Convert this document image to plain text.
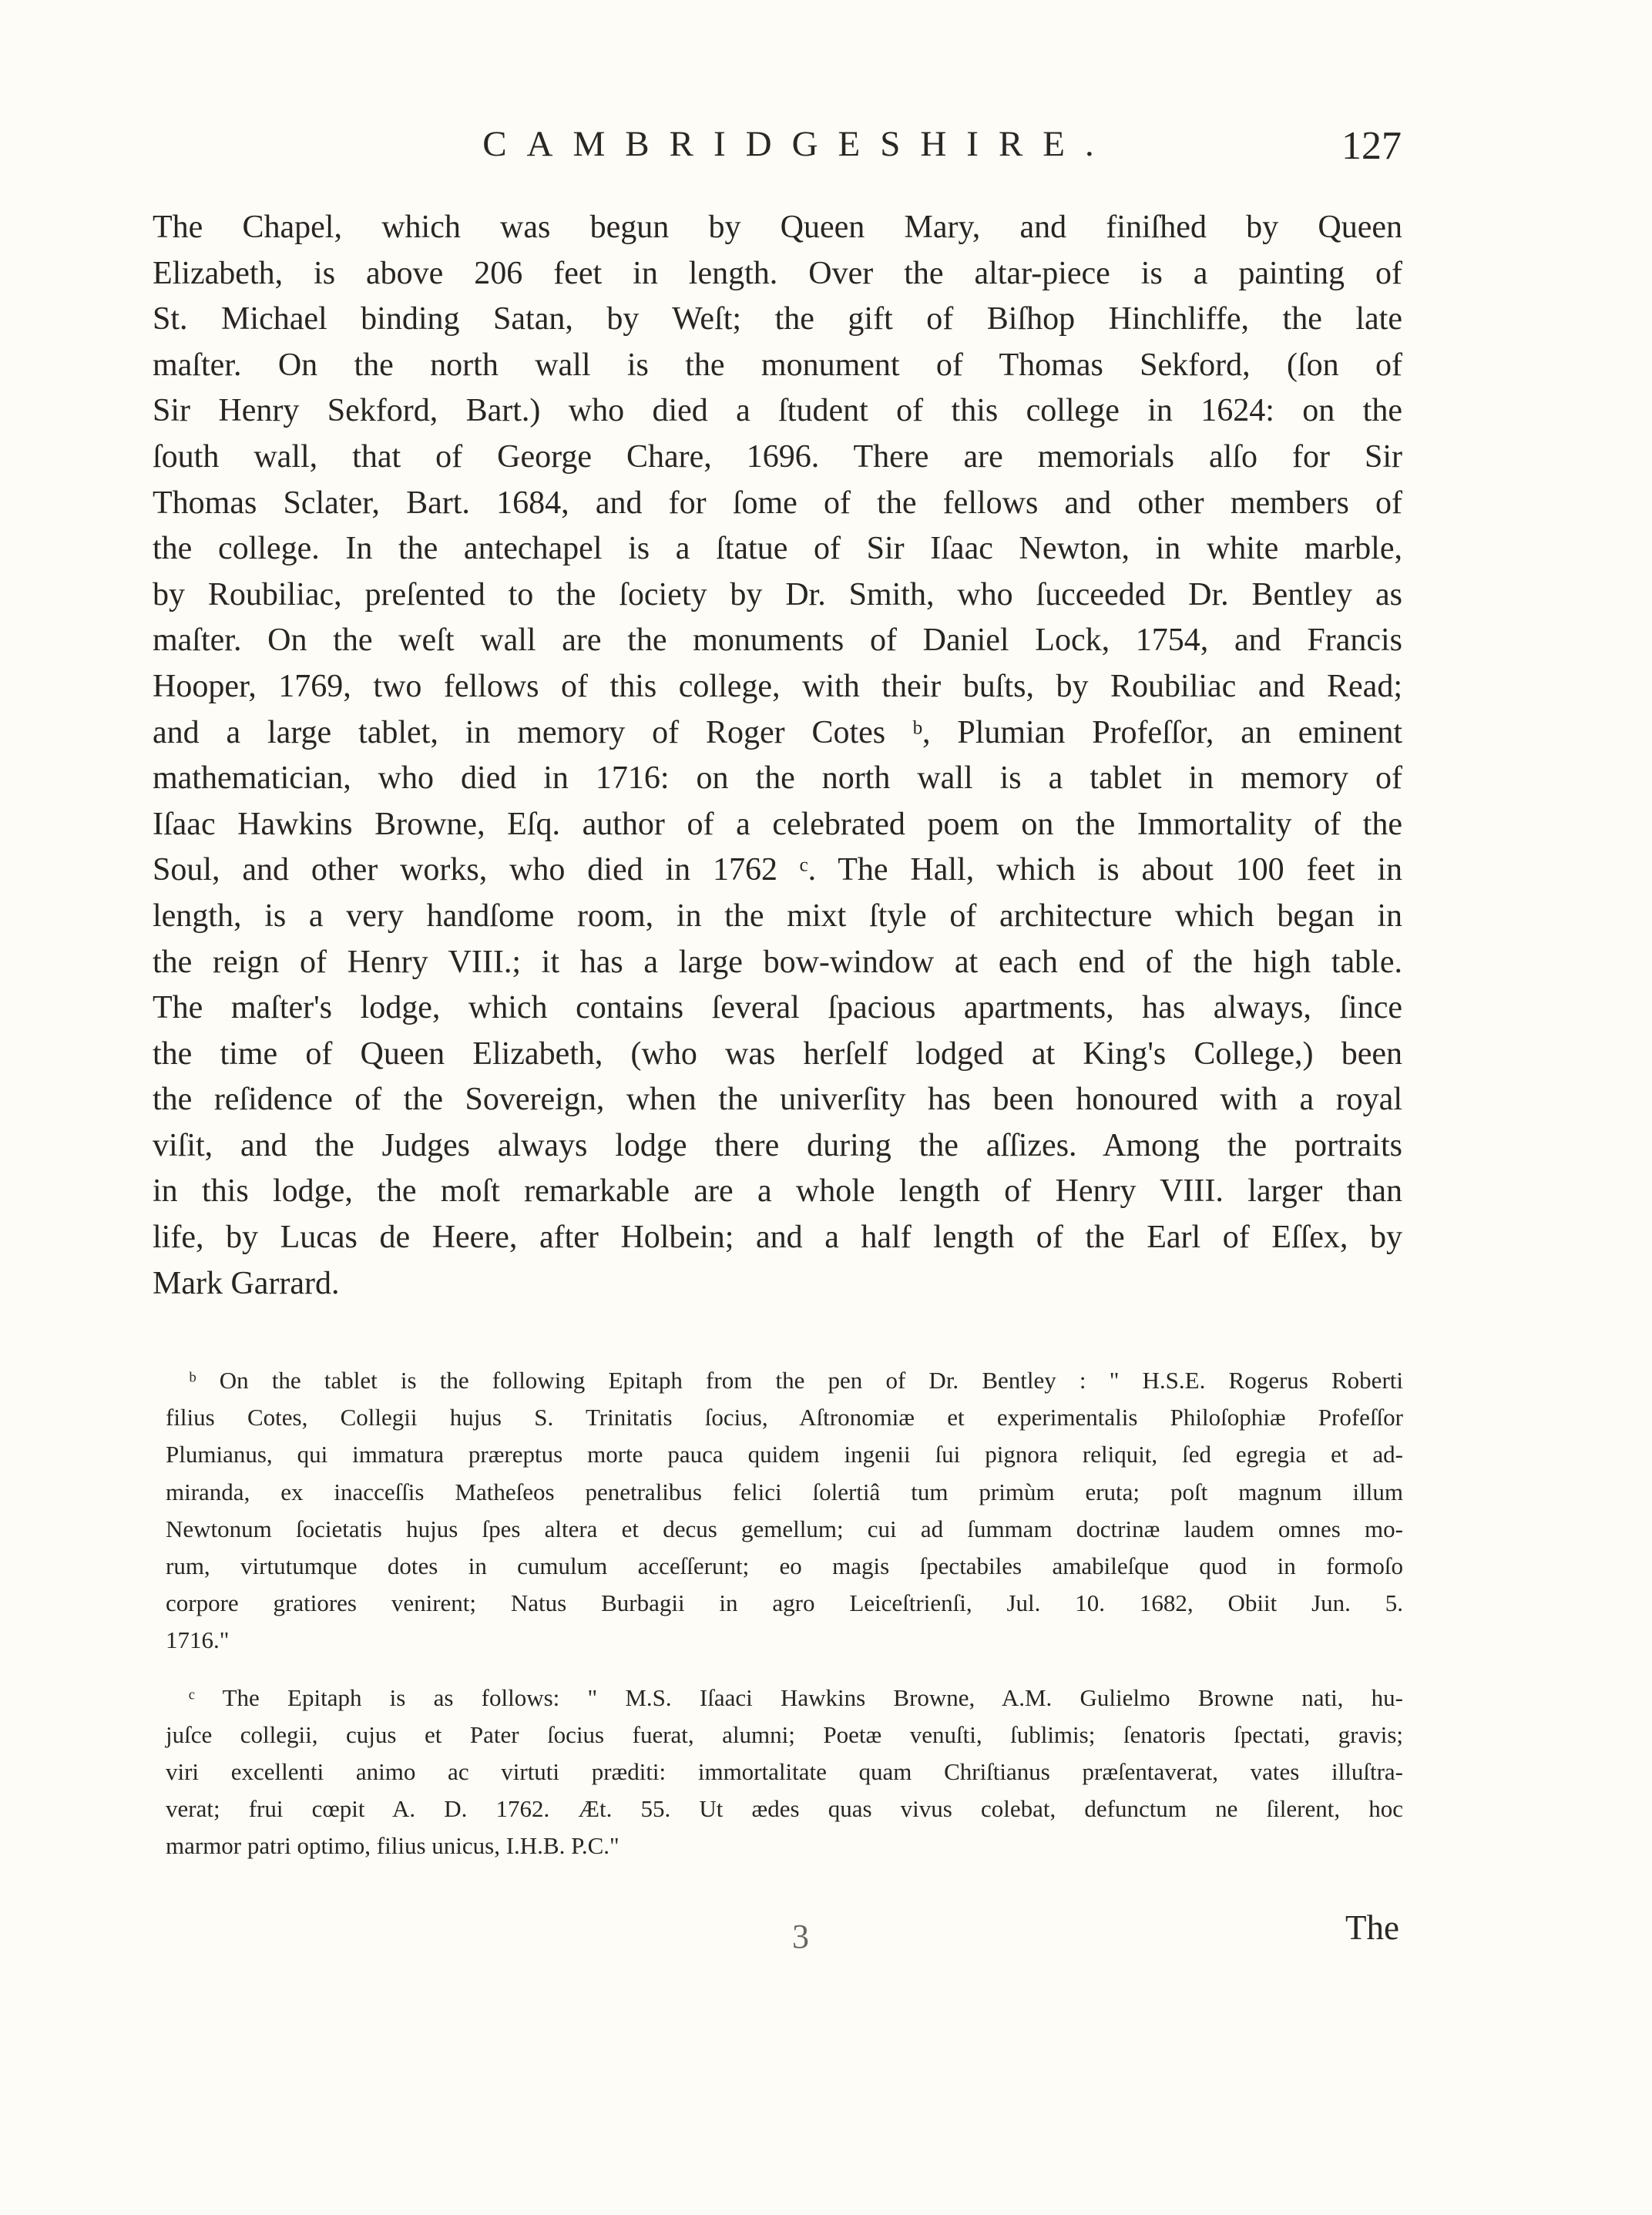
CAMBRIDGESHIRE.	127
The Chapel, which was begun by Queen Mary, and finiſhed by Queen
Elizabeth, is above 206 feet in length. Over the altar-piece is a painting of
St. Michael binding Satan, by Weſt; the gift of Biſhop Hinchliffe, the late
maſter. On the north wall is the monument of Thomas Sekford, (ſon of
Sir Henry Sekford, Bart.) who died a ſtudent of this college in 1624: on the
ſouth wall, that of George Chare, 1696. There are memorials alſo for Sir
Thomas Sclater, Bart. 1684, and for ſome of the fellows and other members of
the college. In the antechapel is a ſtatue of Sir Iſaac Newton, in white marble,
by Roubiliac, preſented to the ſociety by Dr. Smith, who ſucceeded Dr. Bentley as
maſter. On the weſt wall are the monuments of Daniel Lock, 1754, and Francis
Hooper, 1769, two fellows of this college, with their buſts, by Roubiliac and Read;
and a large tablet, in memory of Roger Cotes ᵇ, Plumian Profeſſor, an eminent
mathematician, who died in 1716: on the north wall is a tablet in memory of
Iſaac Hawkins Browne, Eſq. author of a celebrated poem on the Immortality of the
Soul, and other works, who died in 1762 ᶜ. The Hall, which is about 100 feet in
length, is a very handſome room, in the mixt ſtyle of architecture which began in
the reign of Henry VIII.; it has a large bow-window at each end of the high table.
The maſter's lodge, which contains ſeveral ſpacious apartments, has always, ſince
the time of Queen Elizabeth, (who was herſelf lodged at King's College,) been
the reſidence of the Sovereign, when the univerſity has been honoured with a royal
viſit, and the Judges always lodge there during the aſſizes. Among the portraits
in this lodge, the moſt remarkable are a whole length of Henry VIII. larger than
life, by Lucas de Heere, after Holbein; and a half length of the Earl of Eſſex, by
Mark Garrard.
ᵇ On the tablet is the following Epitaph from the pen of Dr. Bentley : " H.S.E. Rogerus Roberti
filius Cotes, Collegii hujus S. Trinitatis ſocius, Aſtronomiæ et experimentalis Philoſophiæ Profeſſor
Plumianus, qui immatura præreptus morte pauca quidem ingenii ſui pignora reliquit, ſed egregia et ad-
miranda, ex inacceſſis Matheſeos penetralibus felici ſolertiâ tum primùm eruta; poſt magnum illum
Newtonum ſocietatis hujus ſpes altera et decus gemellum; cui ad ſummam doctrinæ laudem omnes mo-
rum, virtutumque dotes in cumulum acceſſerunt; eo magis ſpectabiles amabileſque quod in formoſo
corpore gratiores venirent; Natus Burbagii in agro Leiceſtrienſi, Jul. 10. 1682, Obiit Jun. 5.
1716."
ᶜ The Epitaph is as follows: " M.S. Iſaaci Hawkins Browne, A.M. Gulielmo Browne nati, hu-
juſce collegii, cujus et Pater ſocius fuerat, alumni; Poetæ venuſti, ſublimis; ſenatoris ſpectati, gravis;
viri excellenti animo ac virtuti præditi: immortalitate quam Chriſtianus præſentaverat, vates illuſtra-
verat; frui cœpit A. D. 1762. Æt. 55. Ut ædes quas vivus colebat, defunctum ne ſilerent, hoc
marmor patri optimo, filius unicus, I.H.B. P.C."
3	The
